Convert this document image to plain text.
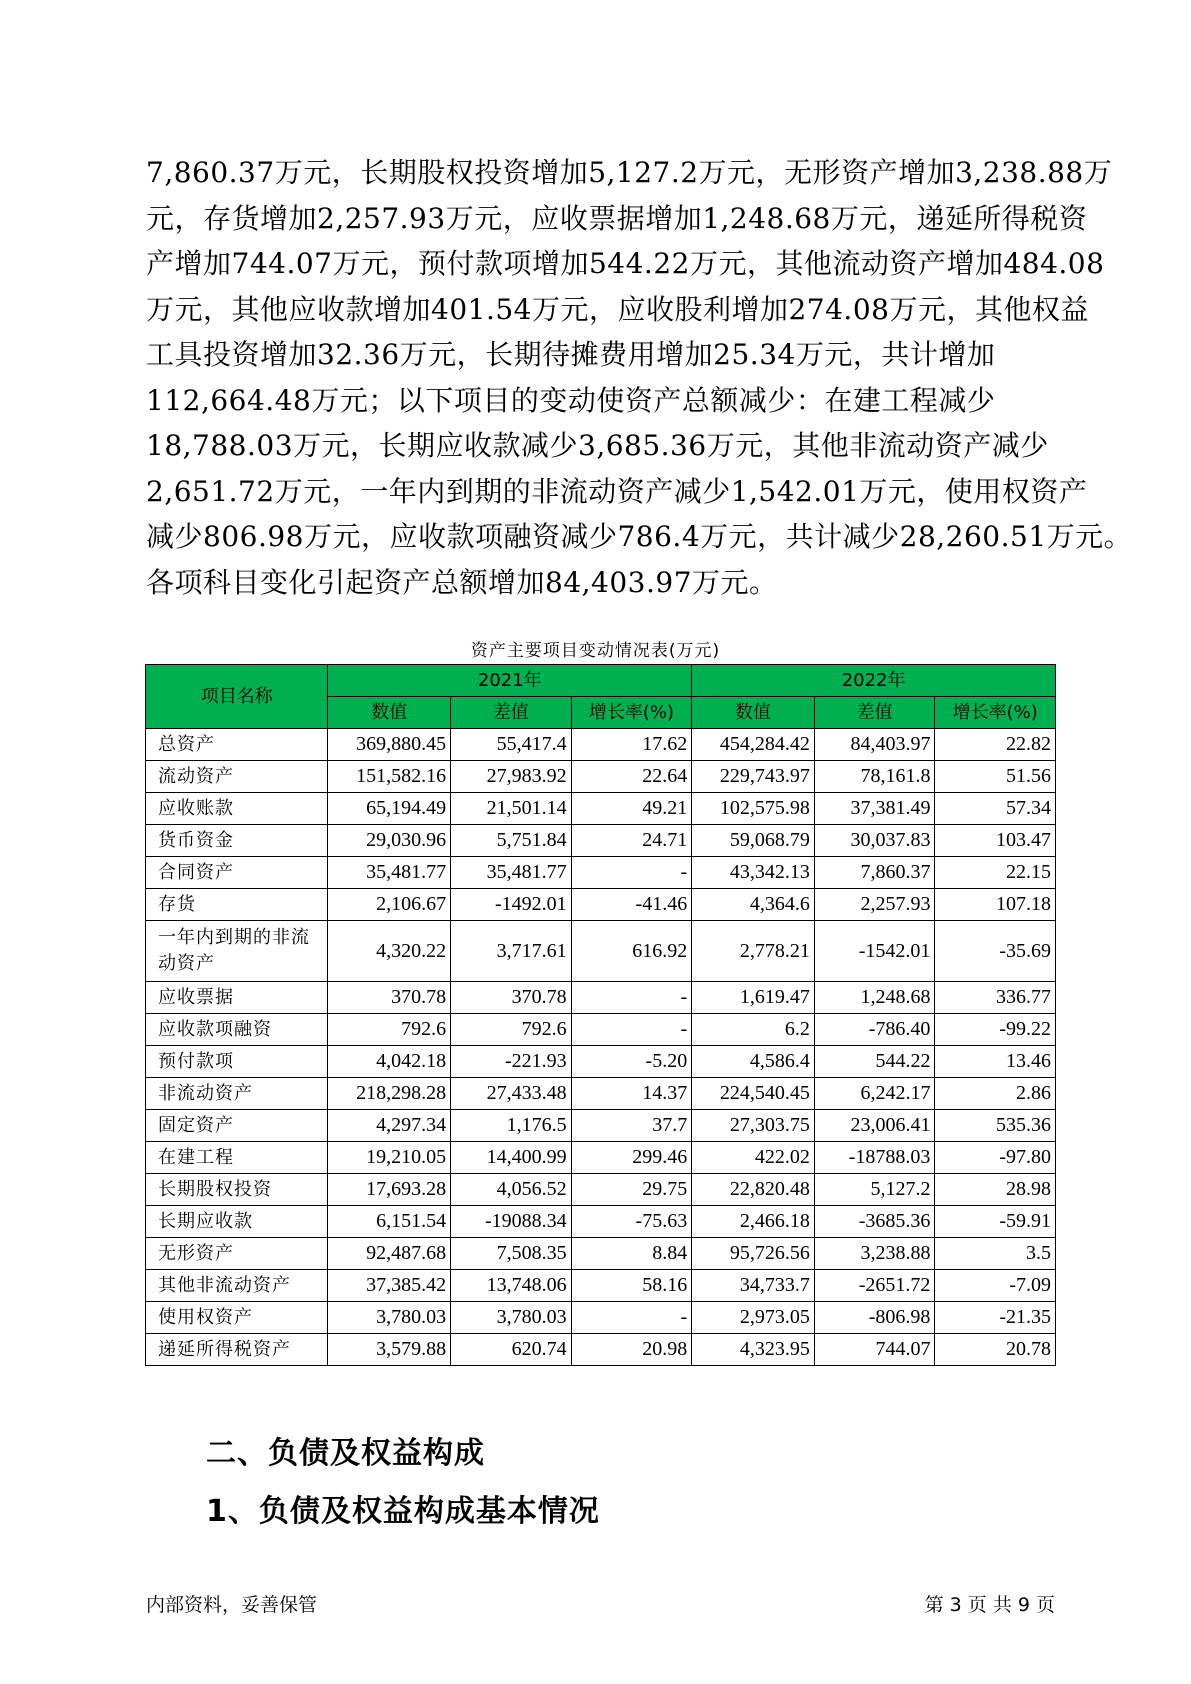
7,860.37万元，长期股权投资增加5,127.2万元，无形资产增加3,238.88万
元，存货增加2,257.93万元，应收票据增加1,248.68万元，递延所得税资
产增加744.07万元，预付款项增加544.22万元，其他流动资产增加484.08
万元，其他应收款增加401.54万元，应收股利增加274.08万元，其他权益
工具投资增加32.36万元，长期待摊费用增加25.34万元，共计增加
112,664.48万元；以下项目的变动使资产总额减少：在建工程减少
18,788.03万元，长期应收款减少3,685.36万元，其他非流动资产减少
2,651.72万元，一年内到期的非流动资产减少1,542.01万元，使用权资产
减少806.98万元，应收款项融资减少786.4万元，共计减少28,260.51万元。
各项科目变化引起资产总额增加84,403.97万元。
资产主要项目变动情况表(万元)
项目名称	2021年			2022年		
	数值	差值	增长率(%)	数值	差值	增长率(%)
总资产	369,880.45	55,417.4	17.62	454,284.42	84,403.97	22.82
流动资产	151,582.16	27,983.92	22.64	229,743.97	78,161.8	51.56
应收账款	65,194.49	21,501.14	49.21	102,575.98	37,381.49	57.34
货币资金	29,030.96	5,751.84	24.71	59,068.79	30,037.83	103.47
合同资产	35,481.77	35,481.77	-	43,342.13	7,860.37	22.15
存货	2,106.67	-1492.01	-41.46	4,364.6	2,257.93	107.18
一年内到期的非流动资产	4,320.22	3,717.61	616.92	2,778.21	-1542.01	-35.69
应收票据	370.78	370.78	-	1,619.47	1,248.68	336.77
应收款项融资	792.6	792.6	-	6.2	-786.40	-99.22
预付款项	4,042.18	-221.93	-5.20	4,586.4	544.22	13.46
非流动资产	218,298.28	27,433.48	14.37	224,540.45	6,242.17	2.86
固定资产	4,297.34	1,176.5	37.7	27,303.75	23,006.41	535.36
在建工程	19,210.05	14,400.99	299.46	422.02	-18788.03	-97.80
长期股权投资	17,693.28	4,056.52	29.75	22,820.48	5,127.2	28.98
长期应收款	6,151.54	-19088.34	-75.63	2,466.18	-3685.36	-59.91
无形资产	92,487.68	7,508.35	8.84	95,726.56	3,238.88	3.5
其他非流动资产	37,385.42	13,748.06	58.16	34,733.7	-2651.72	-7.09
使用权资产	3,780.03	3,780.03	-	2,973.05	-806.98	-21.35
递延所得税资产	3,579.88	620.74	20.98	4,323.95	744.07	20.78
二、负债及权益构成
1、负债及权益构成基本情况
内部资料，妥善保管	第 3 页 共 9 页
